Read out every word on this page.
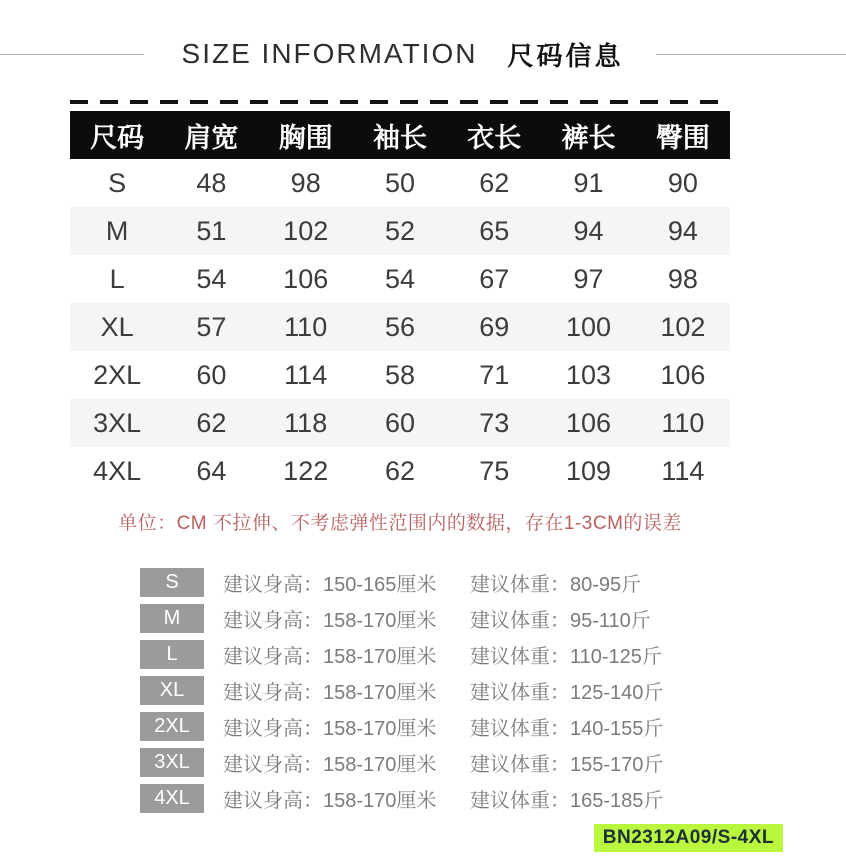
SIZE INFORMATION 尺码信息
尺码	肩宽	胸围	袖长	衣长	裤长	臀围
S	48	98	50	62	91	90
M	51	102	52	65	94	94
L	54	106	54	67	97	98
XL	57	110	56	69	100	102
2XL	60	114	58	71	103	106
3XL	62	118	60	73	106	110
4XL	64	122	62	75	109	114

单位：CM 不拉伸、不考虑弹性范围内的数据，存在1-3CM的误差

S	建议身高：150-165厘米	建议体重：80-95斤
M	建议身高：158-170厘米	建议体重：95-110斤
L	建议身高：158-170厘米	建议体重：110-125斤
XL	建议身高：158-170厘米	建议体重：125-140斤
2XL	建议身高：158-170厘米	建议体重：140-155斤
3XL	建议身高：158-170厘米	建议体重：155-170斤
4XL	建议身高：158-170厘米	建议体重：165-185斤
BN2312A09/S-4XL
